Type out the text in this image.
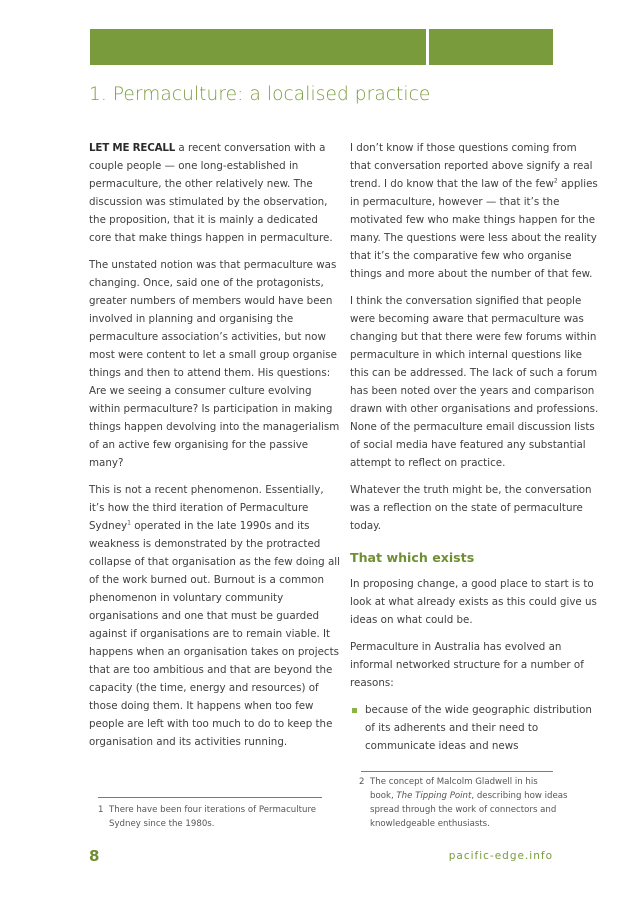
1. Permaculture: a localised practice

LET ME RECALL a recent conversation with a couple people — one long-established in permaculture, the other relatively new. The discussion was stimulated by the observation, the proposition, that it is mainly a dedicated core that make things happen in permaculture.

The unstated notion was that permaculture was changing. Once, said one of the protagonists, greater numbers of members would have been involved in planning and organising the permaculture association’s activities, but now most were content to let a small group organise things and then to attend them. His questions: Are we seeing a consumer culture evolving within permaculture? Is participation in making things happen devolving into the managerialism of an active few organising for the passive many?

This is not a recent phenomenon. Essentially, it’s how the third iteration of Permaculture Sydney$^1$ operated in the late 1990s and its weakness is demonstrated by the protracted collapse of that organisation as the few doing all of the work burned out. Burnout is a common phenomenon in voluntary community organisations and one that must be guarded against if organisations are to remain viable. It happens when an organisation takes on projects that are too ambitious and that are beyond the capacity (the time, energy and resources) of those doing them. It happens when too few people are left with too much to do to keep the organisation and its activities running.

I don’t know if those questions coming from that conversation reported above signify a real trend. I do know that the law of the few$^2$ applies in permaculture, however — that it’s the motivated few who make things happen for the many. The questions were less about the reality that it’s the comparative few who organise things and more about the number of that few.

I think the conversation signified that people were becoming aware that permaculture was changing but that there were few forums within permaculture in which internal questions like this can be addressed. The lack of such a forum has been noted over the years and comparison drawn with other organisations and professions. None of the permaculture email discussion lists of social media have featured any substantial attempt to reflect on practice.

Whatever the truth might be, the conversation was a reflection on the state of permaculture today.

That which exists

In proposing change, a good place to start is to look at what already exists as this could give us ideas on what could be.

Permaculture in Australia has evolved an informal networked structure for a number of reasons:

because of the wide geographic distribution of its adherents and their need to communicate ideas and news
1 There have been four iterations of Permaculture
Sydney since the 1980s.
2 The concept of Malcolm Gladwell in his
book, The Tipping Point, describing how ideas
spread through the work of connectors and
knowledgeable enthusiasts.
8	pacific-edge.info
